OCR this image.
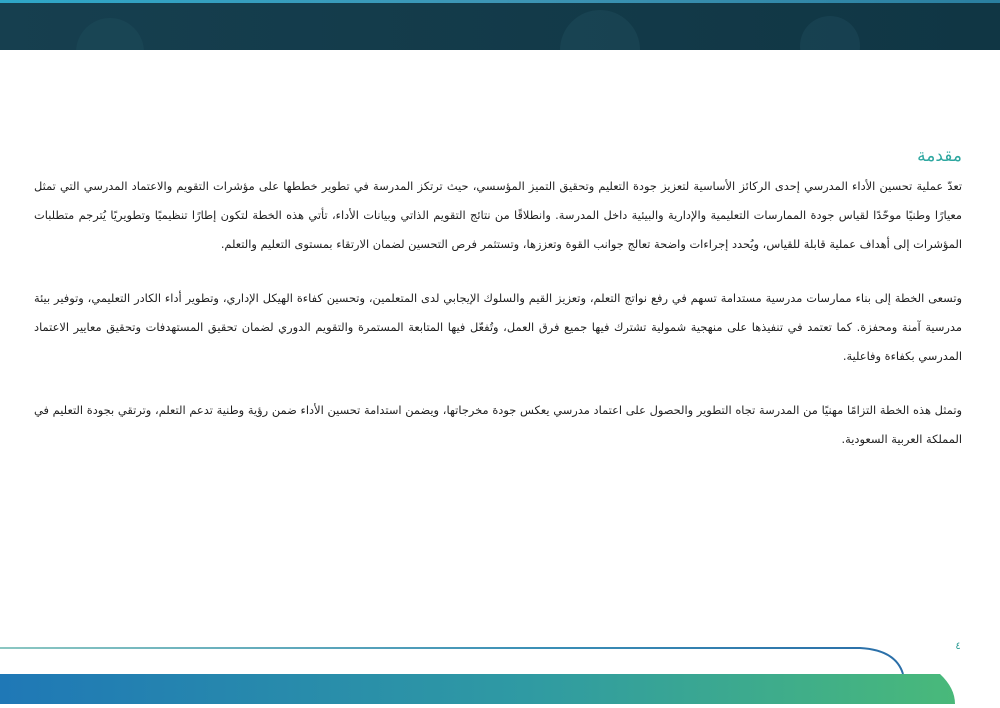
مقدمة

تعدّ عملية تحسين الأداء المدرسي إحدى الركائز الأساسية لتعزيز جودة التعليم وتحقيق التميز المؤسسي، حيث ترتكز المدرسة في تطوير خططها على مؤشرات التقويم والاعتماد المدرسي التي تمثل معيارًا وطنيًا موحّدًا لقياس جودة الممارسات التعليمية والإدارية والبيئية داخل المدرسة. وانطلاقًا من نتائج التقويم الذاتي وبيانات الأداء، تأتي هذه الخطة لتكون إطارًا تنظيميًا وتطويريًا يُترجم متطلبات المؤشرات إلى أهداف عملية قابلة للقياس، ويُحدد إجراءات واضحة تعالج جوانب القوة وتعززها، وتستثمر فرص التحسين لضمان الارتقاء بمستوى التعليم والتعلم.

وتسعى الخطة إلى بناء ممارسات مدرسية مستدامة تسهم في رفع نواتج التعلم، وتعزيز القيم والسلوك الإيجابي لدى المتعلمين، وتحسين كفاءة الهيكل الإداري، وتطوير أداء الكادر التعليمي، وتوفير بيئة مدرسية آمنة ومحفزة. كما تعتمد في تنفيذها على منهجية شمولية تشترك فيها جميع فرق العمل، وتُفعّل فيها المتابعة المستمرة والتقويم الدوري لضمان تحقيق المستهدفات وتحقيق معايير الاعتماد المدرسي بكفاءة وفاعلية.

وتمثل هذه الخطة التزامًا مهنيًا من المدرسة تجاه التطوير والحصول على اعتماد مدرسي يعكس جودة مخرجاتها، ويضمن استدامة تحسين الأداء ضمن رؤية وطنية تدعم التعلم، وترتقي بجودة التعليم في المملكة العربية السعودية.

٤
